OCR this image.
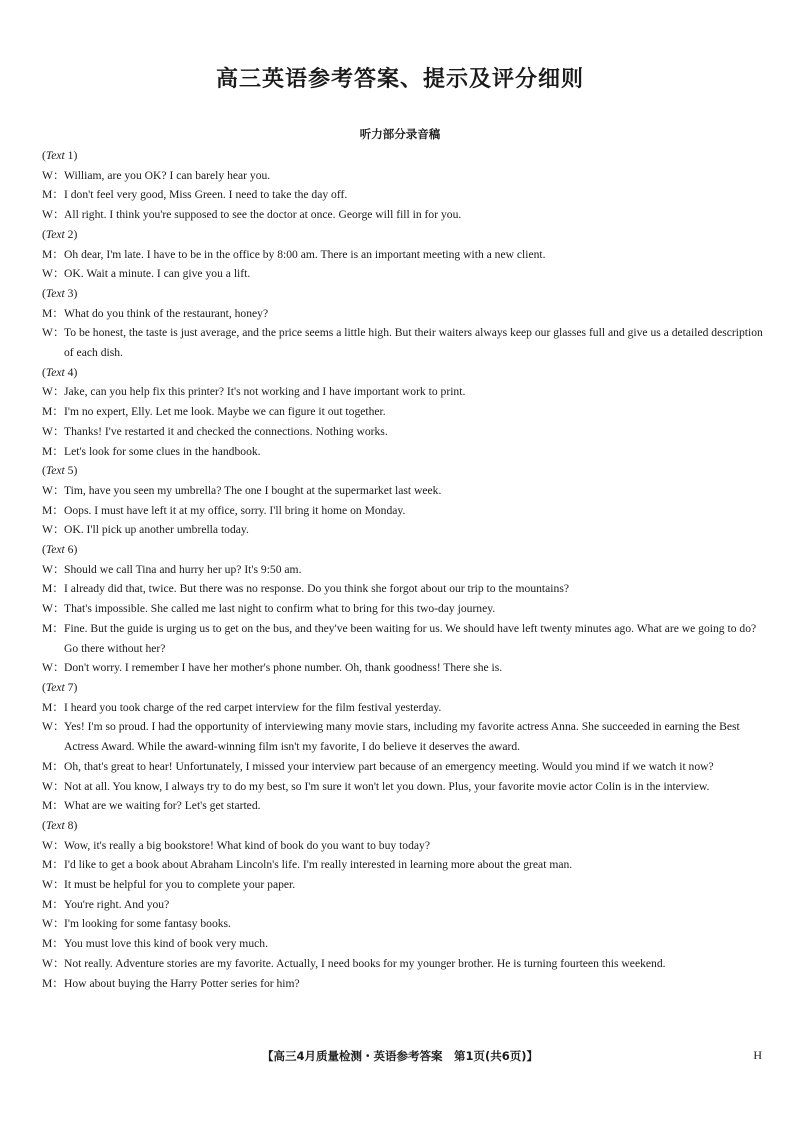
高三英语参考答案、提示及评分细则
听力部分录音稿
(Text 1)
W： William, are you OK? I can barely hear you.
M： I don't feel very good, Miss Green. I need to take the day off.
W： All right. I think you're supposed to see the doctor at once. George will fill in for you.
(Text 2)
M： Oh dear, I'm late. I have to be in the office by 8:00 am. There is an important meeting with a new client.
W： OK. Wait a minute. I can give you a lift.
(Text 3)
M： What do you think of the restaurant, honey?
W： To be honest, the taste is just average, and the price seems a little high. But their waiters always keep our glasses full and give us a detailed description of each dish.
(Text 4)
W： Jake, can you help fix this printer? It's not working and I have important work to print.
M： I'm no expert, Elly. Let me look. Maybe we can figure it out together.
W： Thanks! I've restarted it and checked the connections. Nothing works.
M： Let's look for some clues in the handbook.
(Text 5)
W： Tim, have you seen my umbrella? The one I bought at the supermarket last week.
M： Oops. I must have left it at my office, sorry. I'll bring it home on Monday.
W： OK. I'll pick up another umbrella today.
(Text 6)
W： Should we call Tina and hurry her up? It's 9:50 am.
M： I already did that, twice. But there was no response. Do you think she forgot about our trip to the mountains?
W： That's impossible. She called me last night to confirm what to bring for this two-day journey.
M： Fine. But the guide is urging us to get on the bus, and they've been waiting for us. We should have left twenty minutes ago. What are we going to do? Go there without her?
W： Don't worry. I remember I have her mother's phone number. Oh, thank goodness! There she is.
(Text 7)
M： I heard you took charge of the red carpet interview for the film festival yesterday.
W： Yes! I'm so proud. I had the opportunity of interviewing many movie stars, including my favorite actress Anna. She succeeded in earning the Best Actress Award. While the award-winning film isn't my favorite, I do believe it deserves the award.
M： Oh, that's great to hear! Unfortunately, I missed your interview part because of an emergency meeting. Would you mind if we watch it now?
W： Not at all. You know, I always try to do my best, so I'm sure it won't let you down. Plus, your favorite movie actor Colin is in the interview.
M： What are we waiting for? Let's get started.
(Text 8)
W： Wow, it's really a big bookstore! What kind of book do you want to buy today?
M： I'd like to get a book about Abraham Lincoln's life. I'm really interested in learning more about the great man.
W： It must be helpful for you to complete your paper.
M： You're right. And you?
W： I'm looking for some fantasy books.
M： You must love this kind of book very much.
W： Not really. Adventure stories are my favorite. Actually, I need books for my younger brother. He is turning fourteen this weekend.
M： How about buying the Harry Potter series for him?
【高三4月质量检测・英语参考答案　第1页(共6页)】	H
